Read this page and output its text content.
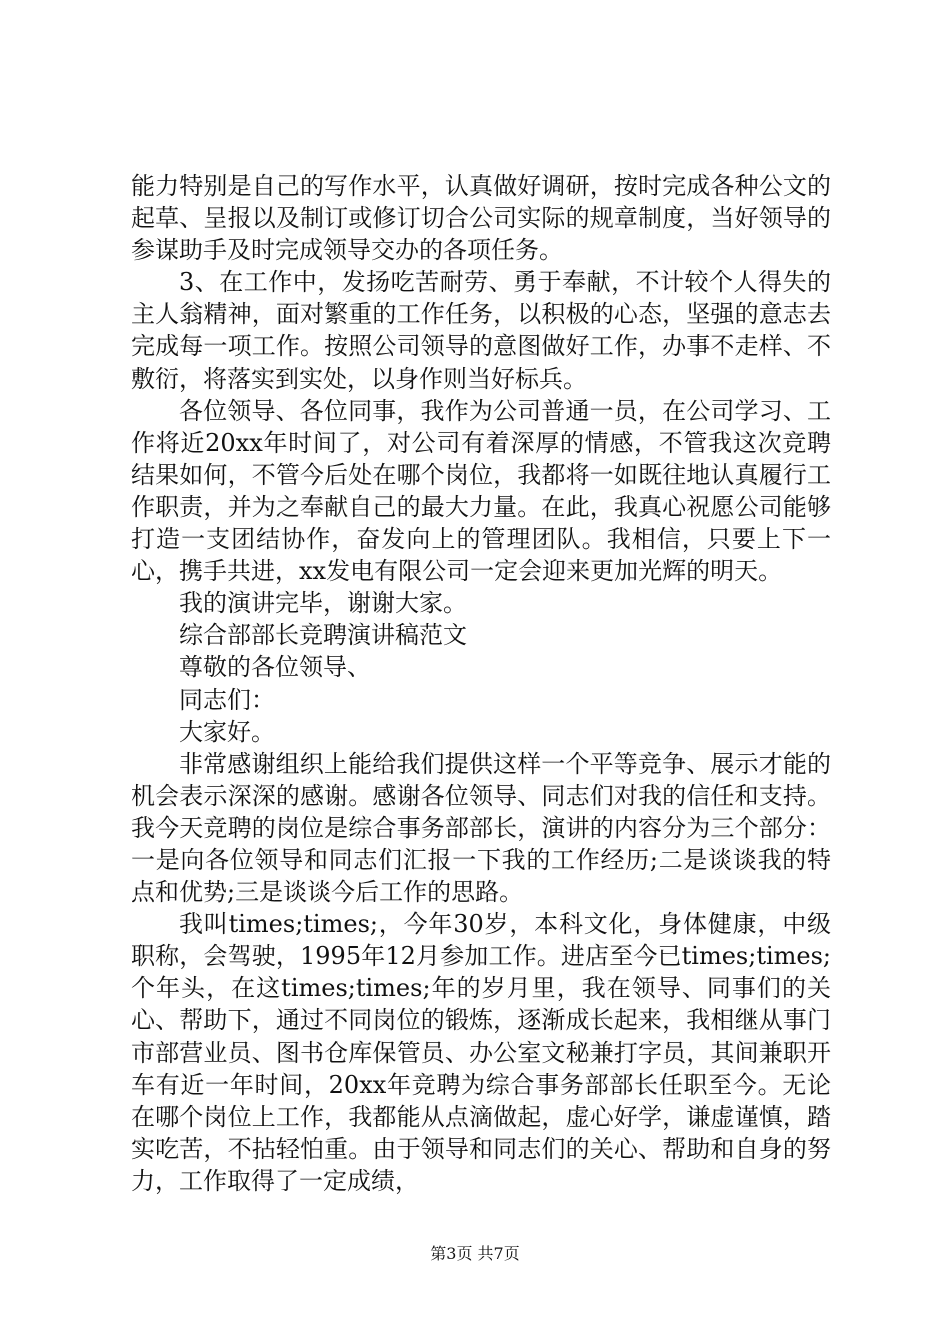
能力特别是自己的写作水平，认真做好调研，按时完成各种公文的起草、呈报以及制订或修订切合公司实际的规章制度，当好领导的参谋助手及时完成领导交办的各项任务。

3、在工作中，发扬吃苦耐劳、勇于奉献，不计较个人得失的主人翁精神，面对繁重的工作任务，以积极的心态，坚强的意志去完成每一项工作。按照公司领导的意图做好工作，办事不走样、不敷衍，将落实到实处，以身作则当好标兵。

各位领导、各位同事，我作为公司普通一员，在公司学习、工作将近20xx年时间了，对公司有着深厚的情感，不管我这次竞聘结果如何，不管今后处在哪个岗位，我都将一如既往地认真履行工作职责，并为之奉献自己的最大力量。在此，我真心祝愿公司能够打造一支团结协作，奋发向上的管理团队。我相信，只要上下一心，携手共进，xx发电有限公司一定会迎来更加光辉的明天。

我的演讲完毕，谢谢大家。

综合部部长竞聘演讲稿范文

尊敬的各位领导、

同志们：

大家好。

非常感谢组织上能给我们提供这样一个平等竞争、展示才能的机会表示深深的感谢。感谢各位领导、同志们对我的信任和支持。我今天竞聘的岗位是综合事务部部长，演讲的内容分为三个部分：一是向各位领导和同志们汇报一下我的工作经历;二是谈谈我的特点和优势;三是谈谈今后工作的思路。

我叫times;times;，今年30岁，本科文化，身体健康，中级职称，会驾驶，1995年12月参加工作。进店至今已times;times;个年头，在这times;times;年的岁月里，我在领导、同事们的关心、帮助下，通过不同岗位的锻炼，逐渐成长起来，我相继从事门市部营业员、图书仓库保管员、办公室文秘兼打字员，其间兼职开车有近一年时间，20xx年竞聘为综合事务部部长任职至今。无论在哪个岗位上工作，我都能从点滴做起，虚心好学，谦虚谨慎，踏实吃苦，不拈轻怕重。由于领导和同志们的关心、帮助和自身的努力，工作取得了一定成绩，

第3页 共7页
